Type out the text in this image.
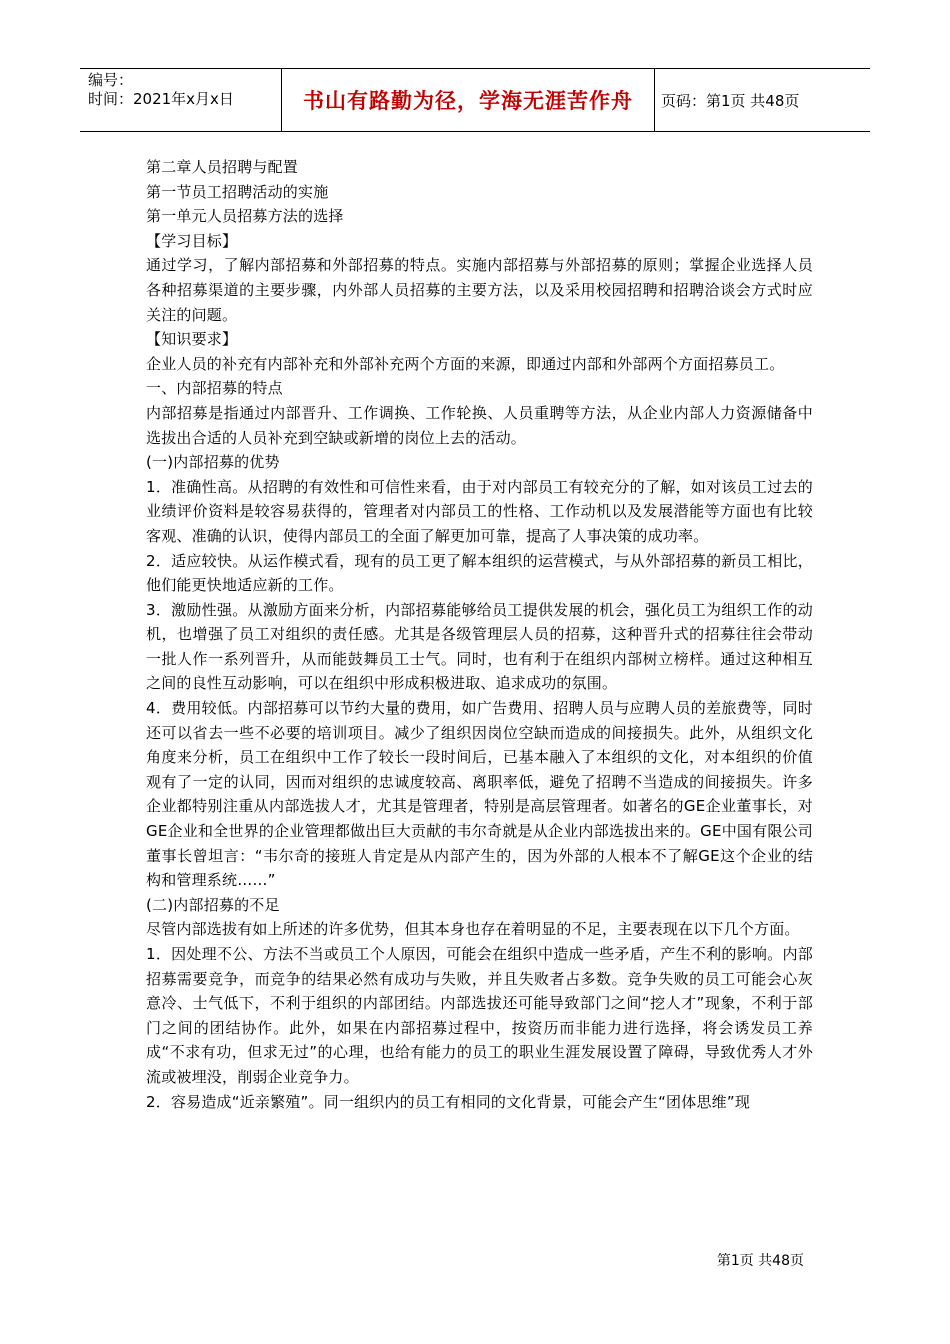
编号：
时间：2021年x月x日	书山有路勤为径，学海无涯苦作舟	页码：第1页 共48页

第二章人员招聘与配置

第一节员工招聘活动的实施

第一单元人员招募方法的选择

【学习目标】

通过学习，了解内部招募和外部招募的特点。实施内部招募与外部招募的原则；掌握企业选择人员各种招募渠道的主要步骤，内外部人员招募的主要方法，以及采用校园招聘和招聘洽谈会方式时应关注的问题。

【知识要求】

企业人员的补充有内部补充和外部补充两个方面的来源，即通过内部和外部两个方面招募员工。

一、内部招募的特点

内部招募是指通过内部晋升、工作调换、工作轮换、人员重聘等方法，从企业内部人力资源储备中选拔出合适的人员补充到空缺或新增的岗位上去的活动。

(一)内部招募的优势

1．准确性高。从招聘的有效性和可信性来看，由于对内部员工有较充分的了解，如对该员工过去的业绩评价资料是较容易获得的，管理者对内部员工的性格、工作动机以及发展潜能等方面也有比较客观、准确的认识，使得内部员工的全面了解更加可靠，提高了人事决策的成功率。

2．适应较快。从运作模式看，现有的员工更了解本组织的运营模式，与从外部招募的新员工相比，他们能更快地适应新的工作。

3．激励性强。从激励方面来分析，内部招募能够给员工提供发展的机会，强化员工为组织工作的动机，也增强了员工对组织的责任感。尤其是各级管理层人员的招募，这种晋升式的招募往往会带动一批人作一系列晋升，从而能鼓舞员工士气。同时，也有利于在组织内部树立榜样。通过这种相互之间的良性互动影响，可以在组织中形成积极进取、追求成功的氛围。

4．费用较低。内部招募可以节约大量的费用，如广告费用、招聘人员与应聘人员的差旅费等，同时还可以省去一些不必要的培训项目。减少了组织因岗位空缺而造成的间接损失。此外，从组织文化角度来分析，员工在组织中工作了较长一段时间后，已基本融入了本组织的文化，对本组织的价值观有了一定的认同，因而对组织的忠诚度较高、离职率低，避免了招聘不当造成的间接损失。许多企业都特别注重从内部选拔人才，尤其是管理者，特别是高层管理者。如著名的GE企业董事长，对GE企业和全世界的企业管理都做出巨大贡献的韦尔奇就是从企业内部选拔出来的。GE中国有限公司董事长曾坦言：“韦尔奇的接班人肯定是从内部产生的，因为外部的人根本不了解GE这个企业的结构和管理系统……”

(二)内部招募的不足

尽管内部选拔有如上所述的许多优势，但其本身也存在着明显的不足，主要表现在以下几个方面。

1．因处理不公、方法不当或员工个人原因，可能会在组织中造成一些矛盾，产生不利的影响。内部招募需要竞争，而竞争的结果必然有成功与失败，并且失败者占多数。竞争失败的员工可能会心灰意冷、士气低下，不利于组织的内部团结。内部选拔还可能导致部门之间“挖人才”现象，不利于部门之间的团结协作。此外，如果在内部招募过程中，按资历而非能力进行选择，将会诱发员工养成“不求有功，但求无过”的心理，也给有能力的员工的职业生涯发展设置了障碍，导致优秀人才外流或被埋没，削弱企业竞争力。

2．容易造成“近亲繁殖”。同一组织内的员工有相同的文化背景，可能会产生“团体思维”现

第1页 共48页
